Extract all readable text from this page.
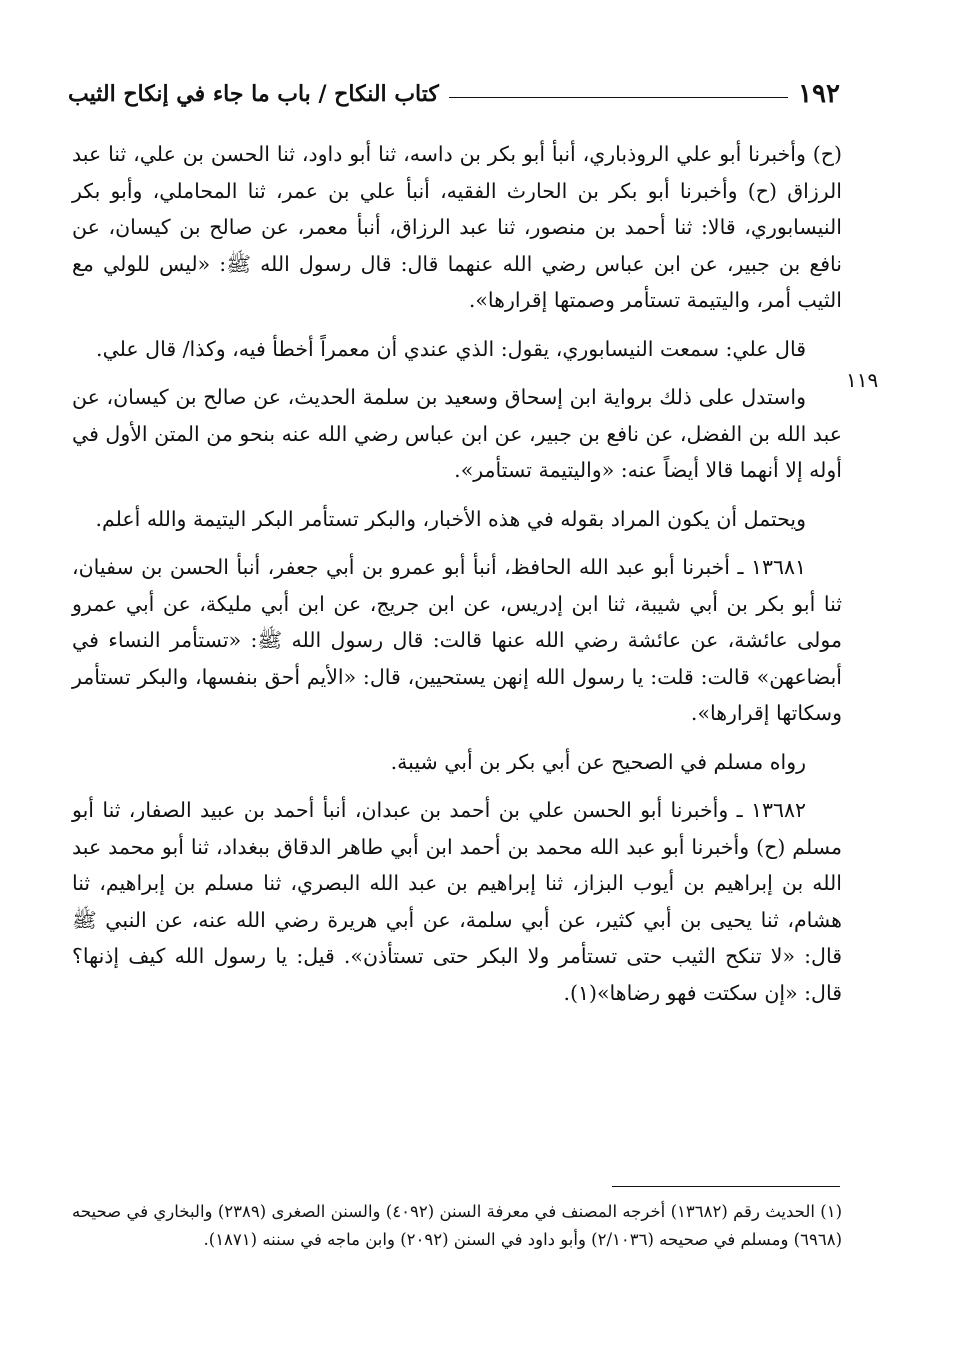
١٩٢
كتاب النكاح / باب ما جاء في إنكاح الثيب
١١٩

(ح) وأخبرنا أبو علي الروذباري، أنبأ أبو بكر بن داسه، ثنا أبو داود، ثنا الحسن بن علي، ثنا عبد الرزاق (ح) وأخبرنا أبو بكر بن الحارث الفقيه، أنبأ علي بن عمر، ثنا المحاملي، وأبو بكر النيسابوري، قالا: ثنا أحمد بن منصور، ثنا عبد الرزاق، أنبأ معمر، عن صالح بن كيسان، عن نافع بن جبير، عن ابن عباس رضي الله عنهما قال: قال رسول الله ﷺ: «ليس للولي مع الثيب أمر، واليتيمة تستأمر وصمتها إقرارها».

قال علي: سمعت النيسابوري، يقول: الذي عندي أن معمراً أخطأ فيه، وكذا/ قال علي.

واستدل على ذلك برواية ابن إسحاق وسعيد بن سلمة الحديث، عن صالح بن كيسان، عن عبد الله بن الفضل، عن نافع بن جبير، عن ابن عباس رضي الله عنه بنحو من المتن الأول في أوله إلا أنهما قالا أيضاً عنه: «واليتيمة تستأمر».

ويحتمل أن يكون المراد بقوله في هذه الأخبار، والبكر تستأمر البكر اليتيمة والله أعلم.

١٣٦٨١ ـ أخبرنا أبو عبد الله الحافظ، أنبأ أبو عمرو بن أبي جعفر، أنبأ الحسن بن سفيان، ثنا أبو بكر بن أبي شيبة، ثنا ابن إدريس، عن ابن جريج، عن ابن أبي مليكة، عن أبي عمرو مولى عائشة، عن عائشة رضي الله عنها قالت: قال رسول الله ﷺ: «تستأمر النساء في أبضاعهن» قالت: قلت: يا رسول الله إنهن يستحيين، قال: «الأيم أحق بنفسها، والبكر تستأمر وسكاتها إقرارها».

رواه مسلم في الصحيح عن أبي بكر بن أبي شيبة.

١٣٦٨٢ ـ وأخبرنا أبو الحسن علي بن أحمد بن عبدان، أنبأ أحمد بن عبيد الصفار، ثنا أبو مسلم (ح) وأخبرنا أبو عبد الله محمد بن أحمد ابن أبي طاهر الدقاق ببغداد، ثنا أبو محمد عبد الله بن إبراهيم بن أيوب البزاز، ثنا إبراهيم بن عبد الله البصري، ثنا مسلم بن إبراهيم، ثنا هشام، ثنا يحيى بن أبي كثير، عن أبي سلمة، عن أبي هريرة رضي الله عنه، عن النبي ﷺ قال: «لا تنكح الثيب حتى تستأمر ولا البكر حتى تستأذن». قيل: يا رسول الله كيف إذنها؟ قال: «إن سكتت فهو رضاها»(١).

(١) الحديث رقم (١٣٦٨٢) أخرجه المصنف في معرفة السنن (٤٠٩٢) والسنن الصغرى (٢٣٨٩) والبخاري في صحيحه (٦٩٦٨) ومسلم في صحيحه (٢/١٠٣٦) وأبو داود في السنن (٢٠٩٢) وابن ماجه في سننه (١٨٧١).
